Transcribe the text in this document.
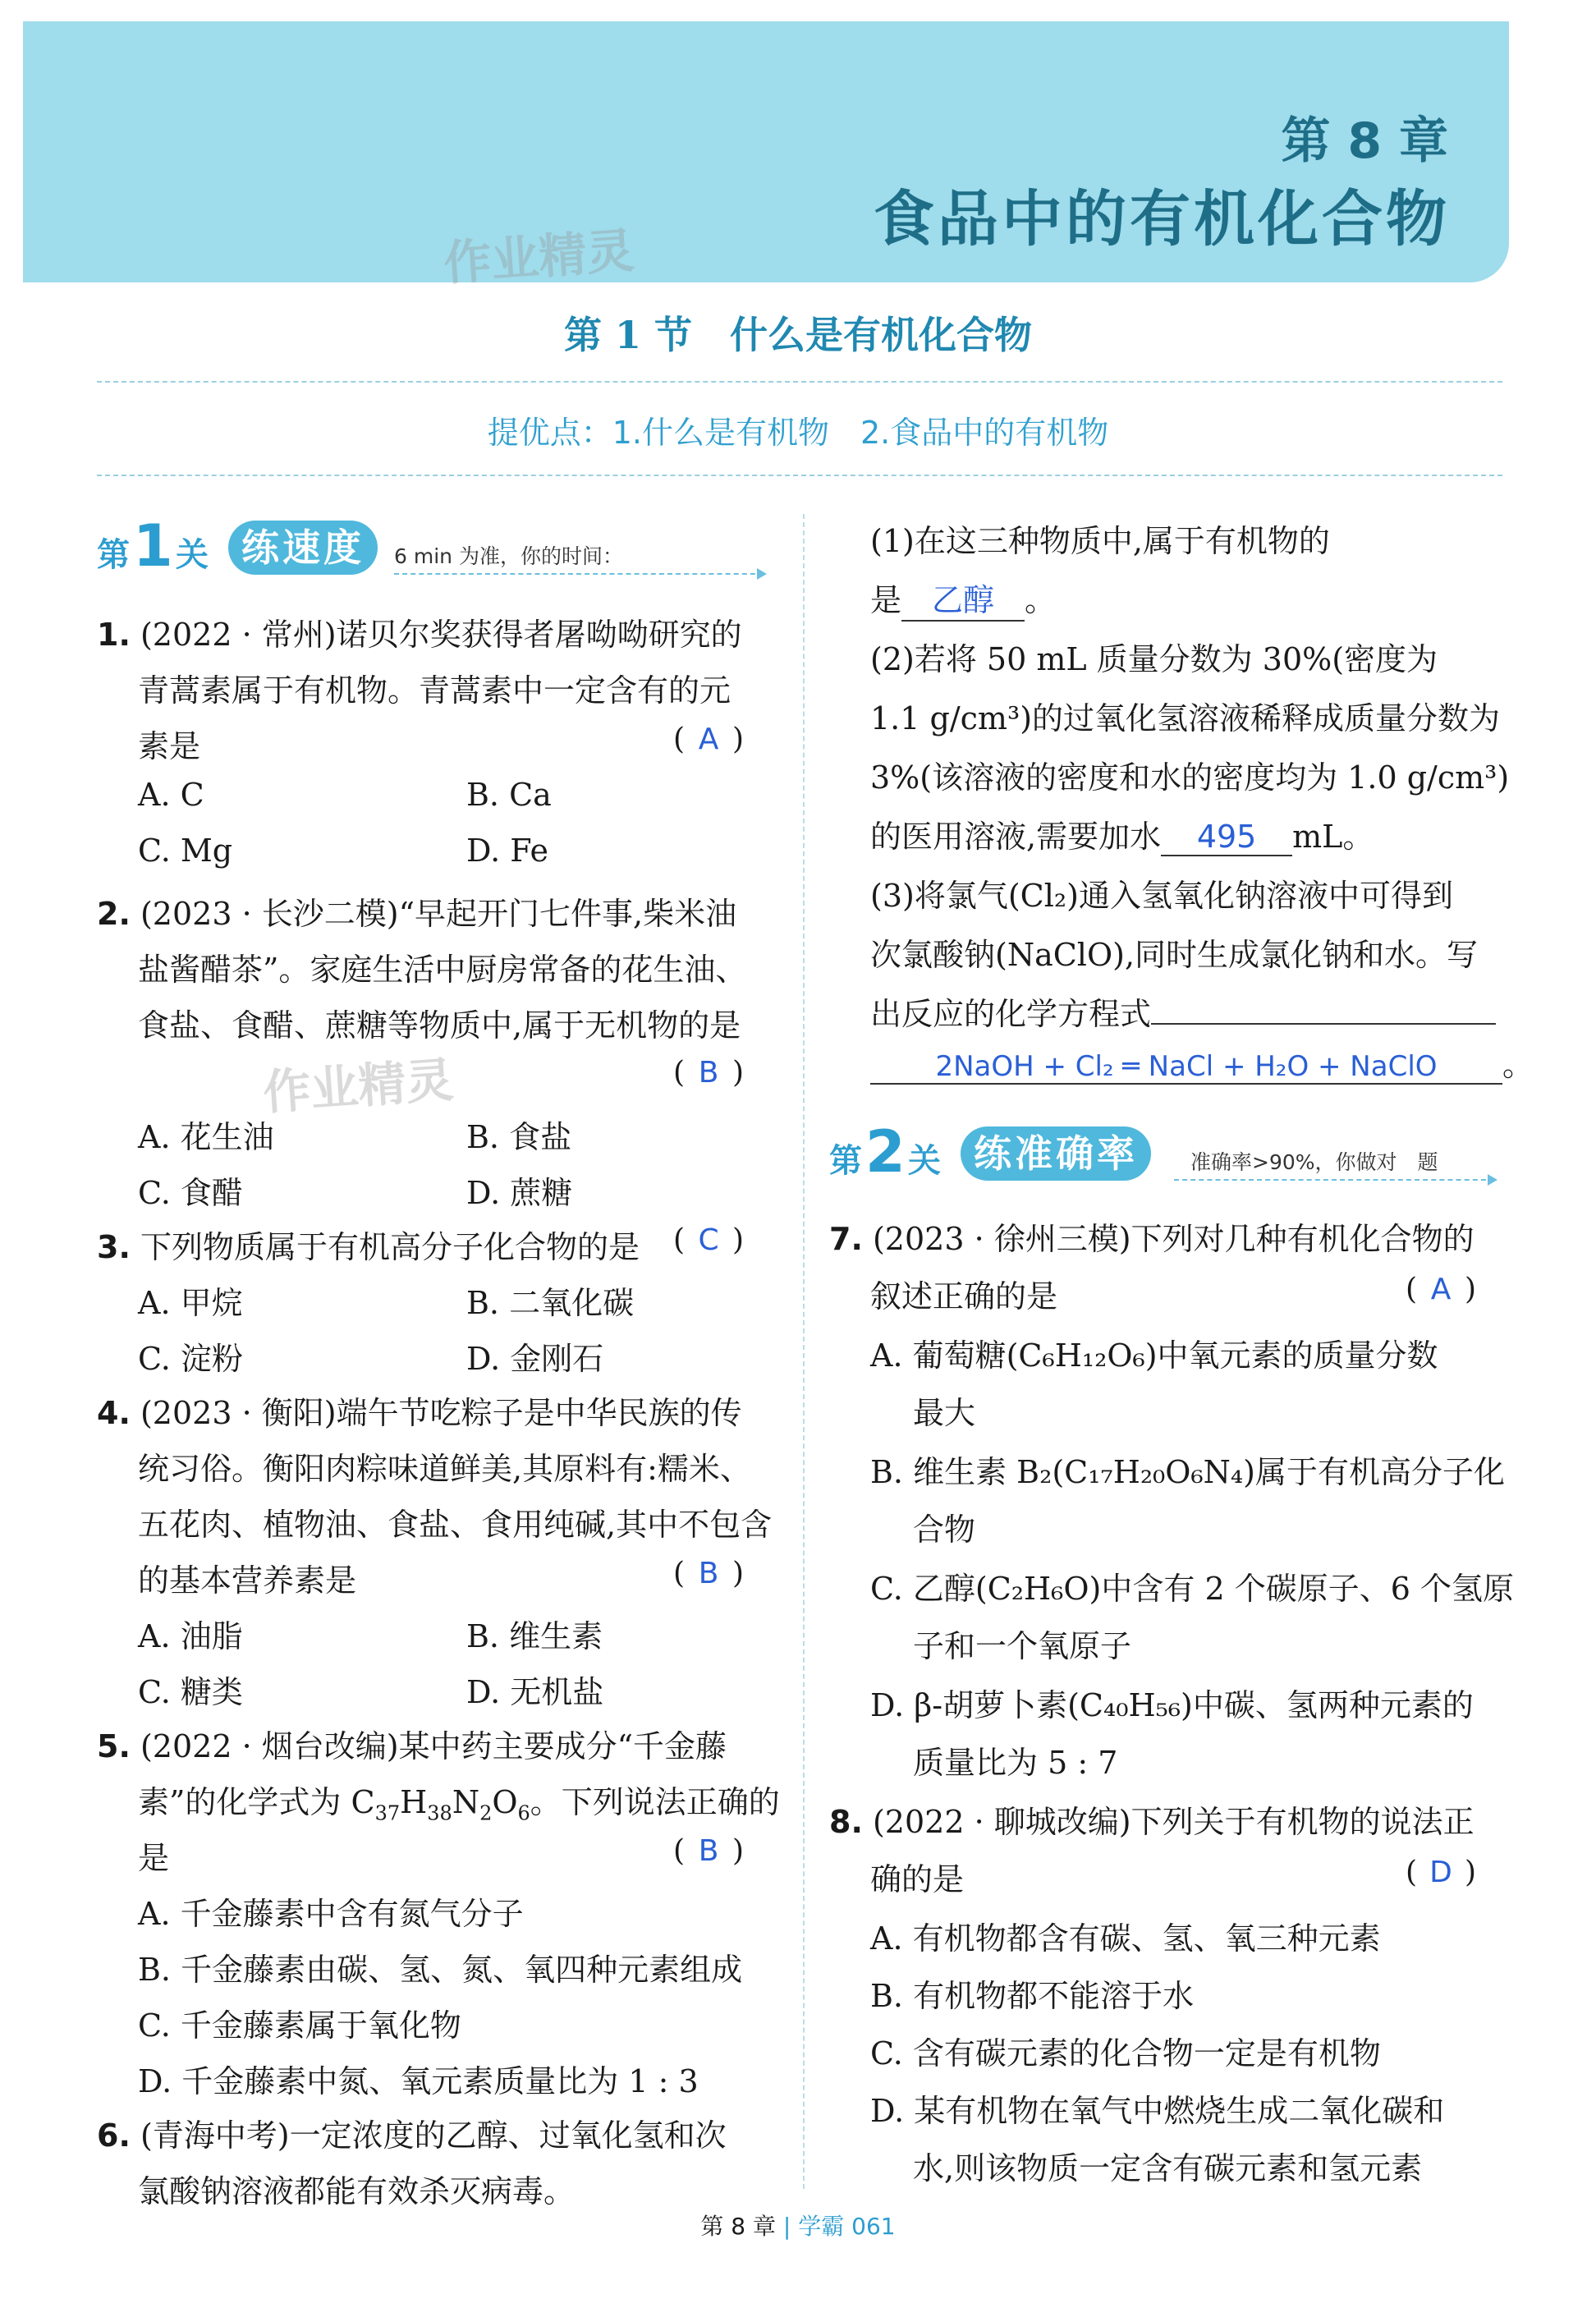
第 8 章
食品中的有机化合物
作业精灵
第 1 节　什么是有机化合物
提优点：1.什么是有机物　2.食品中的有机物
第 1 关 练速度	6 min 为准，你的时间：
1. (2022 · 常州)诺贝尔奖获得者屠呦呦研究的
青蒿素属于有机物。青蒿素中一定含有的元
素是	( A )
A. C	B. Ca
C. Mg	D. Fe
2. (2023 · 长沙二模)“早起开门七件事,柴米油
盐酱醋茶”。家庭生活中厨房常备的花生油、
食盐、食醋、蔗糖等物质中,属于无机物的是
作业精灵	( B )
A. 花生油	B. 食盐
C. 食醋	D. 蔗糖
3. 下列物质属于有机高分子化合物的是 ( C )
A. 甲烷	B. 二氧化碳
C. 淀粉	D. 金刚石
4. (2023 · 衡阳)端午节吃粽子是中华民族的传
统习俗。衡阳肉粽味道鲜美,其原料有:糯米、
五花肉、植物油、食盐、食用纯碱,其中不包含
的基本营养素是	( B )
A. 油脂	B. 维生素
C. 糖类	D. 无机盐
5. (2022 · 烟台改编)某中药主要成分“千金藤
素”的化学式为 $C_{37}H_{38}N_2O_6$。下列说法正确的
是	( B )
A. 千金藤素中含有氮气分子
B. 千金藤素由碳、氢、氮、氧四种元素组成
C. 千金藤素属于氧化物
D. 千金藤素中氮、氧元素质量比为 1 : 3
6. (青海中考)一定浓度的乙醇、过氧化氢和次
氯酸钠溶液都能有效杀灭病毒。
(1)在这三种物质中,属于有机物的
是 乙醇 。
(2)若将 50 mL 质量分数为 30%(密度为
1.1 g/cm³)的过氧化氢溶液稀释成质量分数为
3%(该溶液的密度和水的密度均为 1.0 g/cm³)
的医用溶液,需要加水 495 mL。
(3)将氯气(Cl₂)通入氢氧化钠溶液中可得到
次氯酸钠(NaClO),同时生成氯化钠和水。写
出反应的化学方程式
2NaOH + Cl₂ ═ NaCl + H₂O + NaClO 。
第 2 关 练准确率	准确率>90%，你做对　题
7. (2023 · 徐州三模)下列对几种有机化合物的
叙述正确的是	( A )
A. 葡萄糖(C₆H₁₂O₆)中氧元素的质量分数
最大
B. 维生素 B₂(C₁₇H₂₀O₆N₄)属于有机高分子化
合物
C. 乙醇(C₂H₆O)中含有 2 个碳原子、6 个氢原
子和一个氧原子
D. β-胡萝卜素(C₄₀H₅₆)中碳、氢两种元素的
质量比为 5 : 7
8. (2022 · 聊城改编)下列关于有机物的说法正
确的是	( D )
A. 有机物都含有碳、氢、氧三种元素
B. 有机物都不能溶于水
C. 含有碳元素的化合物一定是有机物
D. 某有机物在氧气中燃烧生成二氧化碳和
水,则该物质一定含有碳元素和氢元素
第 8 章 | 学霸 061
